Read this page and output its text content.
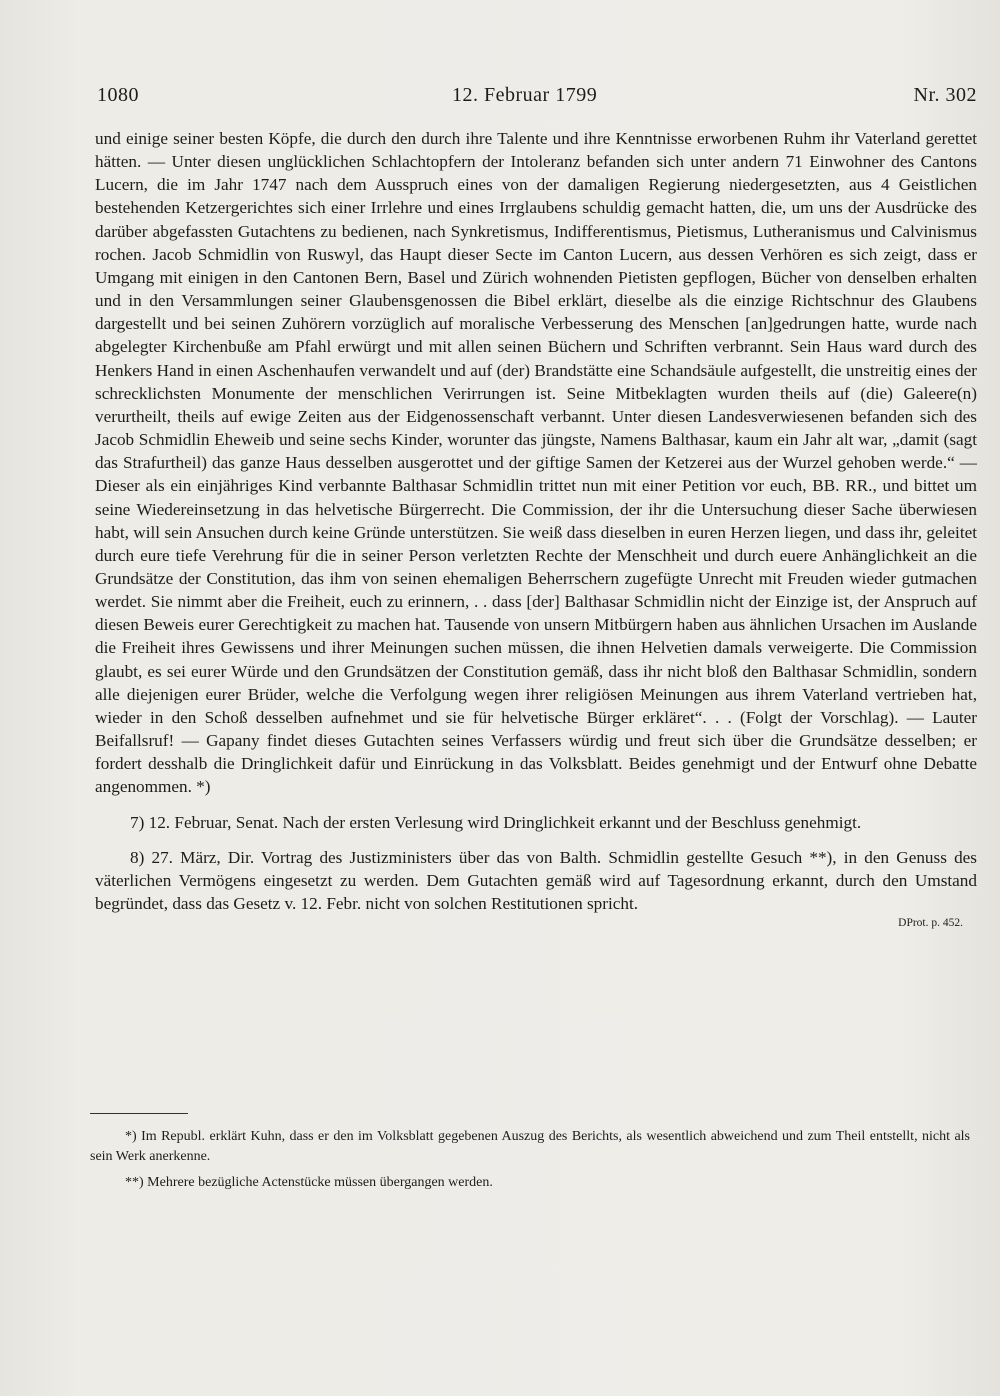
1080	12. Februar 1799	Nr. 302

und einige seiner besten Köpfe, die durch den durch ihre Talente und ihre Kenntnisse erworbenen Ruhm ihr Vaterland gerettet hätten. — Unter diesen unglücklichen Schlachtopfern der Intoleranz befanden sich unter andern 71 Einwohner des Cantons Lucern, die im Jahr 1747 nach dem Ausspruch eines von der damaligen Regierung niedergesetzten, aus 4 Geistlichen bestehenden Ketzergerichtes sich einer Irrlehre und eines Irrglaubens schuldig gemacht hatten, die, um uns der Ausdrücke des darüber abgefassten Gutachtens zu bedienen, nach Synkretismus, Indifferentismus, Pietismus, Lutheranismus und Calvinismus rochen. Jacob Schmidlin von Ruswyl, das Haupt dieser Secte im Canton Lucern, aus dessen Verhören es sich zeigt, dass er Umgang mit einigen in den Cantonen Bern, Basel und Zürich wohnenden Pietisten gepflogen, Bücher von denselben erhalten und in den Versammlungen seiner Glaubensgenossen die Bibel erklärt, dieselbe als die einzige Richtschnur des Glaubens dargestellt und bei seinen Zuhörern vorzüglich auf moralische Verbesserung des Menschen [an]gedrungen hatte, wurde nach abgelegter Kirchenbuße am Pfahl erwürgt und mit allen seinen Büchern und Schriften verbrannt. Sein Haus ward durch des Henkers Hand in einen Aschenhaufen verwandelt und auf (der) Brandstätte eine Schandsäule aufgestellt, die unstreitig eines der schrecklichsten Monumente der menschlichen Verirrungen ist. Seine Mitbeklagten wurden theils auf (die) Galeere(n) verurtheilt, theils auf ewige Zeiten aus der Eidgenossenschaft verbannt. Unter diesen Landesverwiesenen befanden sich des Jacob Schmidlin Eheweib und seine sechs Kinder, worunter das jüngste, Namens Balthasar, kaum ein Jahr alt war, „damit (sagt das Strafurtheil) das ganze Haus desselben ausgerottet und der giftige Samen der Ketzerei aus der Wurzel gehoben werde.“ — Dieser als ein einjähriges Kind verbannte Balthasar Schmidlin trittet nun mit einer Petition vor euch, BB. RR., und bittet um seine Wiedereinsetzung in das helvetische Bürgerrecht. Die Commission, der ihr die Untersuchung dieser Sache überwiesen habt, will sein Ansuchen durch keine Gründe unterstützen. Sie weiß dass dieselben in euren Herzen liegen, und dass ihr, geleitet durch eure tiefe Verehrung für die in seiner Person verletzten Rechte der Menschheit und durch euere Anhänglichkeit an die Grundsätze der Constitution, das ihm von seinen ehemaligen Beherrschern zugefügte Unrecht mit Freuden wieder gutmachen werdet. Sie nimmt aber die Freiheit, euch zu erinnern, . . dass [der] Balthasar Schmidlin nicht der Einzige ist, der Anspruch auf diesen Beweis eurer Gerechtigkeit zu machen hat. Tausende von unsern Mitbürgern haben aus ähnlichen Ursachen im Auslande die Freiheit ihres Gewissens und ihrer Meinungen suchen müssen, die ihnen Helvetien damals verweigerte. Die Commission glaubt, es sei eurer Würde und den Grundsätzen der Constitution gemäß, dass ihr nicht bloß den Balthasar Schmidlin, sondern alle diejenigen eurer Brüder, welche die Verfolgung wegen ihrer religiösen Meinungen aus ihrem Vaterland vertrieben hat, wieder in den Schoß desselben aufnehmet und sie für helvetische Bürger erkläret“. . . (Folgt der Vorschlag). — Lauter Beifallsruf! — Gapany findet dieses Gutachten seines Verfassers würdig und freut sich über die Grundsätze desselben; er fordert desshalb die Dringlichkeit dafür und Einrückung in das Volksblatt. Beides genehmigt und der Entwurf ohne Debatte angenommen. *)

7) 12. Februar, Senat. Nach der ersten Verlesung wird Dringlichkeit erkannt und der Beschluss genehmigt.

8) 27. März, Dir. Vortrag des Justizministers über das von Balth. Schmidlin gestellte Gesuch **), in den Genuss des väterlichen Vermögens eingesetzt zu werden. Dem Gutachten gemäß wird auf Tagesordnung erkannt, durch den Umstand begründet, dass das Gesetz v. 12. Febr. nicht von solchen Restitutionen spricht.

DProt. p. 452.

*) Im Republ. erklärt Kuhn, dass er den im Volksblatt gegebenen Auszug des Berichts, als wesentlich abweichend und zum Theil entstellt, nicht als sein Werk anerkenne.

**) Mehrere bezügliche Actenstücke müssen übergangen werden.
